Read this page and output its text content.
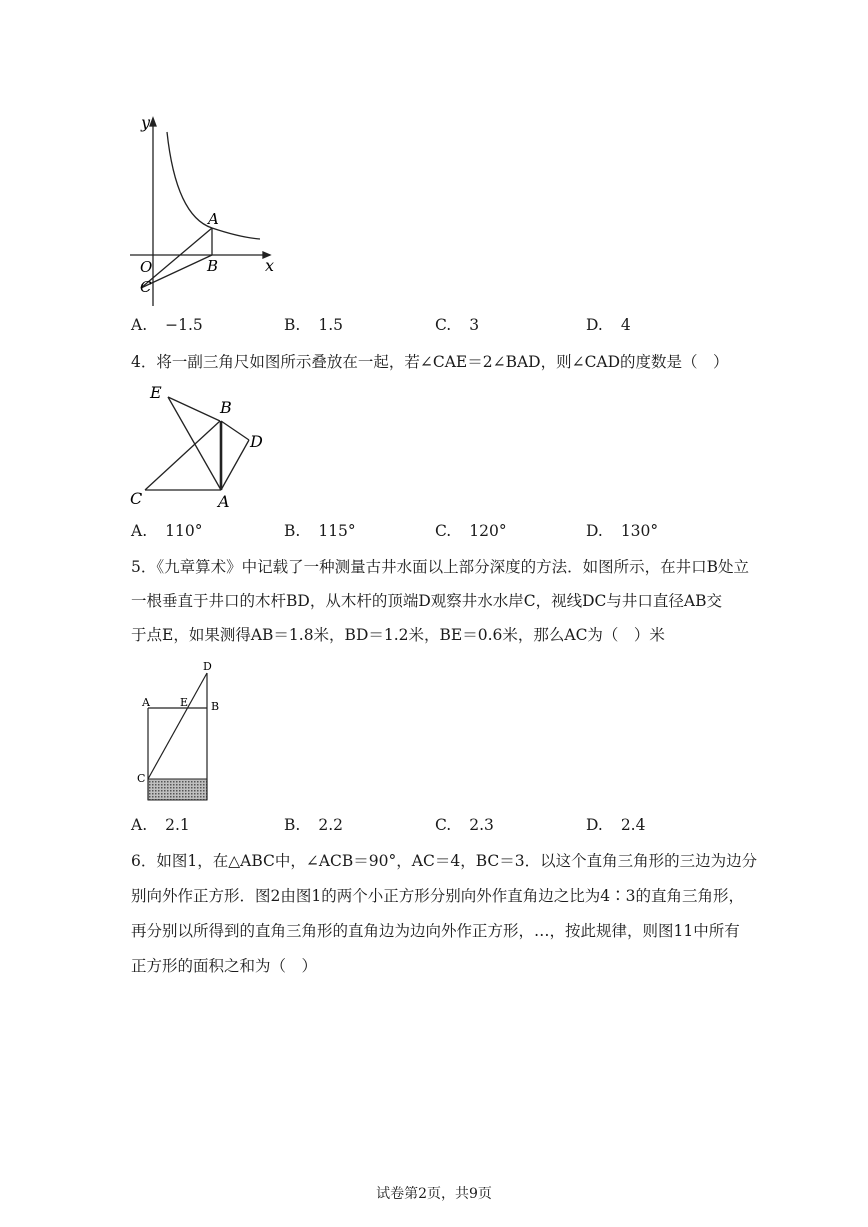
y
x
O
A
B
C
A. −1.5	B. 1.5	C. 3	D. 4
4．将一副三角尺如图所示叠放在一起，若∠CAE＝2∠BAD，则∠CAD的度数是（　）
E
B
D
C	A
A. 110°	B. 115°	C. 120°	D. 130°
5．《九章算术》中记载了一种测量古井水面以上部分深度的方法．如图所示，在井口B处立
一根垂直于井口的木杆BD，从木杆的顶端D观察井水水岸C，视线DC与井口直径AB交
于点E，如果测得AB＝1.8米，BD＝1.2米，BE＝0.6米，那么AC为（　）米
D
A	E B
C
A. 2.1	B. 2.2	C. 2.3	D. 2.4
6．如图1，在△ABC中，∠ACB＝90°，AC＝4，BC＝3．以这个直角三角形的三边为边分
别向外作正方形．图2由图1的两个小正方形分别向外作直角边之比为4∶3的直角三角形，
再分别以所得到的直角三角形的直角边为边向外作正方形，…，按此规律，则图11中所有
正方形的面积之和为（　）
试卷第2页，共9页
